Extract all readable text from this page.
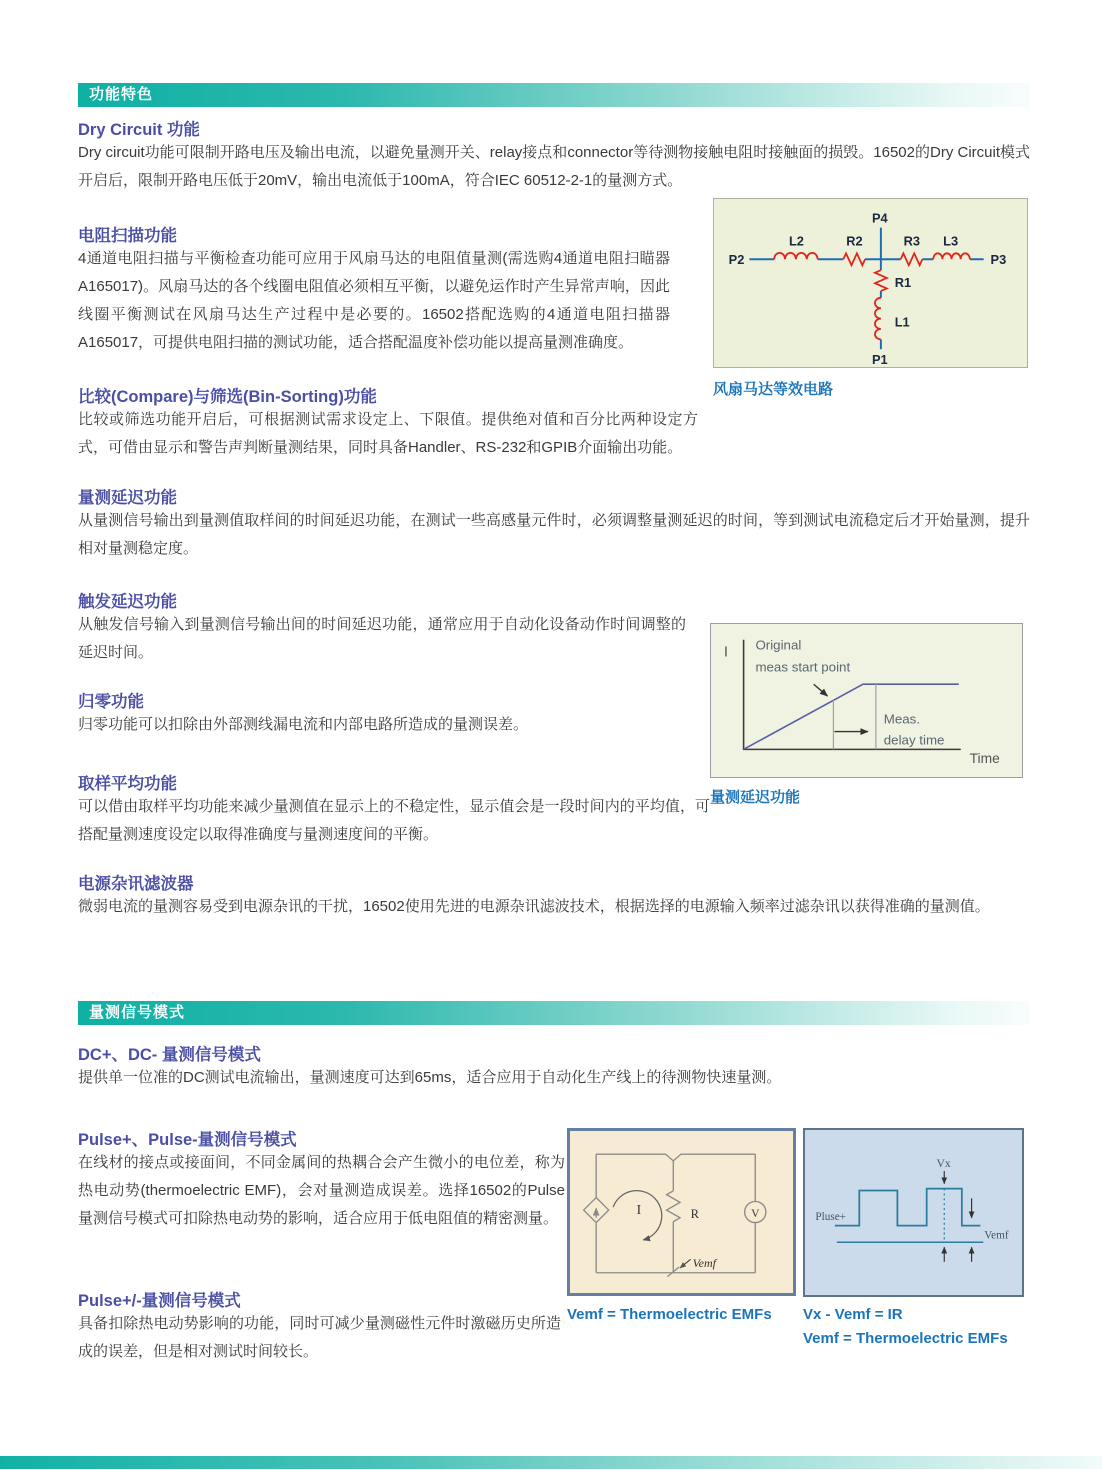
功能特色
Dry Circuit 功能
Dry circuit功能可限制开路电压及输出电流，以避免量测开关、relay接点和connector等待测物接触电阻时接触面的损毁。16502的Dry Circuit模式开启后，限制开路电压低于20mV，输出电流低于100mA，符合IEC 60512-2-1的量测方式。
电阻扫描功能
4通道电阻扫描与平衡检查功能可应用于风扇马达的电阻值量测(需选购4通道电阻扫瞄器A165017)。风扇马达的各个线圈电阻值必须相互平衡，以避免运作时产生异常声响，因此线圈平衡测试在风扇马达生产过程中是必要的。16502搭配选购的4通道电阻扫描器A165017，可提供电阻扫描的测试功能，适合搭配温度补偿功能以提高量测准确度。
比较(Compare)与筛选(Bin-Sorting)功能
比较或筛选功能开启后，可根据测试需求设定上、下限值。提供绝对值和百分比两种设定方式，可借由显示和警告声判断量测结果，同时具备Handler、RS-232和GPIB介面输出功能。
量测延迟功能
从量测信号输出到量测值取样间的时间延迟功能，在测试一些高感量元件时，必须调整量测延迟的时间，等到测试电流稳定后才开始量测，提升相对量测稳定度。
触发延迟功能
从触发信号输入到量测信号输出间的时间延迟功能，通常应用于自动化设备动作时间调整的延迟时间。
归零功能
归零功能可以扣除由外部测线漏电流和内部电路所造成的量测误差。
取样平均功能
可以借由取样平均功能来减少量测值在显示上的不稳定性，显示值会是一段时间内的平均值，可搭配量测速度设定以取得准确度与量测速度间的平衡。
电源杂讯滤波器
微弱电流的量测容易受到电源杂讯的干扰，16502使用先进的电源杂讯滤波技术，根据选择的电源输入频率过滤杂讯以获得准确的量测值。
P2	P3
P4
P1
L2	R2	R3 L3
R1
L1
风扇马达等效电路
I Original
meas start point
Meas.
delay time
Time
量测延迟功能
量测信号模式
DC+、DC- 量测信号模式
提供单一位准的DC测试电流输出，量测速度可达到65ms，适合应用于自动化生产线上的待测物快速量测。
Pulse+、Pulse-量测信号模式
在线材的接点或接面间，不同金属间的热耦合会产生微小的电位差，称为热电动势(thermoelectric EMF)，会对量测造成误差。选择16502的Pulse量测信号模式可扣除热电动势的影响，适合应用于低电阻值的精密测量。
Pulse+/-量测信号模式
具备扣除热电动势影响的功能，同时可减少量测磁性元件时激磁历史所造成的误差，但是相对测试时间较长。
I	R	V
Vemf
Vemf = Thermoelectric EMFs
Vx
Pluse+
Vemf
Vx - Vemf = IR
Vemf = Thermoelectric EMFs
